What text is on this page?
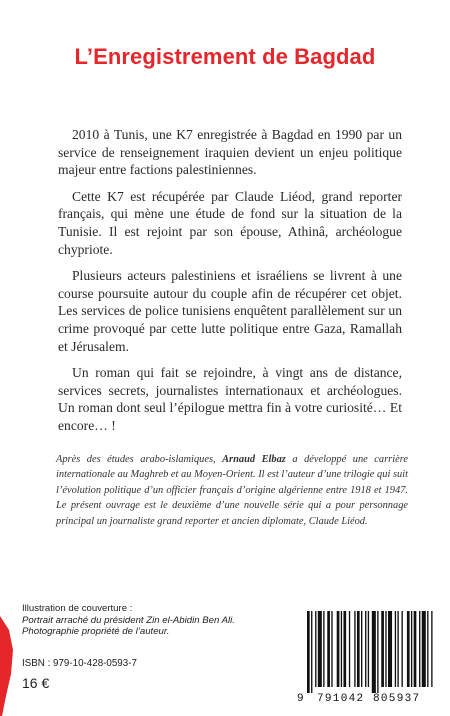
L’Enregistrement de Bagdad

2010 à Tunis, une K7 enregistrée à Bagdad en 1990 par un service de renseignement iraquien devient un enjeu politique majeur entre factions palestiniennes.

Cette K7 est récupérée par Claude Liéod, grand reporter français, qui mène une étude de fond sur la situation de la Tunisie. Il est rejoint par son épouse, Athinâ, archéologue chypriote.

Plusieurs acteurs palestiniens et israéliens se livrent à une course poursuite autour du couple afin de récupérer cet objet. Les services de police tunisiens enquêtent parallèlement sur un crime provoqué par cette lutte politique entre Gaza, Ramallah et Jérusalem.

Un roman qui fait se rejoindre, à vingt ans de distance, services secrets, journalistes internationaux et archéologues. Un roman dont seul l’épilogue mettra fin à votre curiosité… Et encore… !

Après des études arabo-islamiques, Arnaud Elbaz a développé une carrière internationale au Maghreb et au Moyen-Orient. Il est l’auteur d’une trilogie qui suit l’évolution politique d’un officier français d’origine algérienne entre 1918 et 1947. Le présent ouvrage est le deuxième d’une nouvelle série qui a pour personnage principal un journaliste grand reporter et ancien diplomate, Claude Liéod.
Illustration de couverture :
Portrait arraché du président Zin el-Abidin Ben Ali.
Photographie propriété de l’auteur.
ISBN : 979-10-428-0593-7
16 €
9 791042 805937
